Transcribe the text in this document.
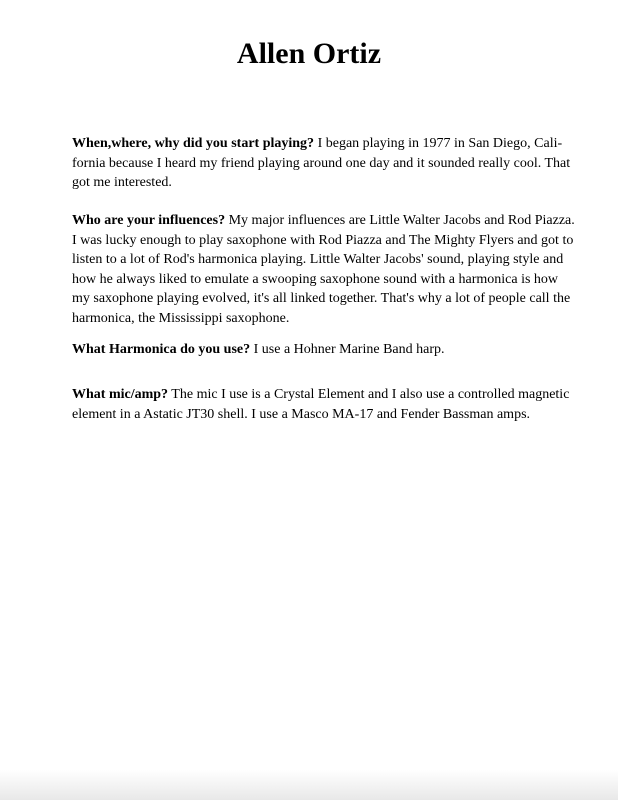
Allen Ortiz

When,where, why did you start playing? I began playing in 1977 in San Diego, Cali-
fornia because I heard my friend playing around one day and it sounded really cool. That
got me interested.

Who are your influences? My major influences are Little Walter Jacobs and Rod Piazza.
I was lucky enough to play saxophone with Rod Piazza and The Mighty Flyers and got to
listen to a lot of Rod's harmonica playing. Little Walter Jacobs' sound, playing style and
how he always liked to emulate a swooping saxophone sound with a harmonica is how
my saxophone playing evolved, it's all linked together. That's why a lot of people call the
harmonica, the Mississippi saxophone.

What Harmonica do you use? I use a Hohner Marine Band harp.

What mic/amp? The mic I use is a Crystal Element and I also use a controlled magnetic
element in a Astatic JT30 shell. I use a Masco MA-17 and Fender Bassman amps.
